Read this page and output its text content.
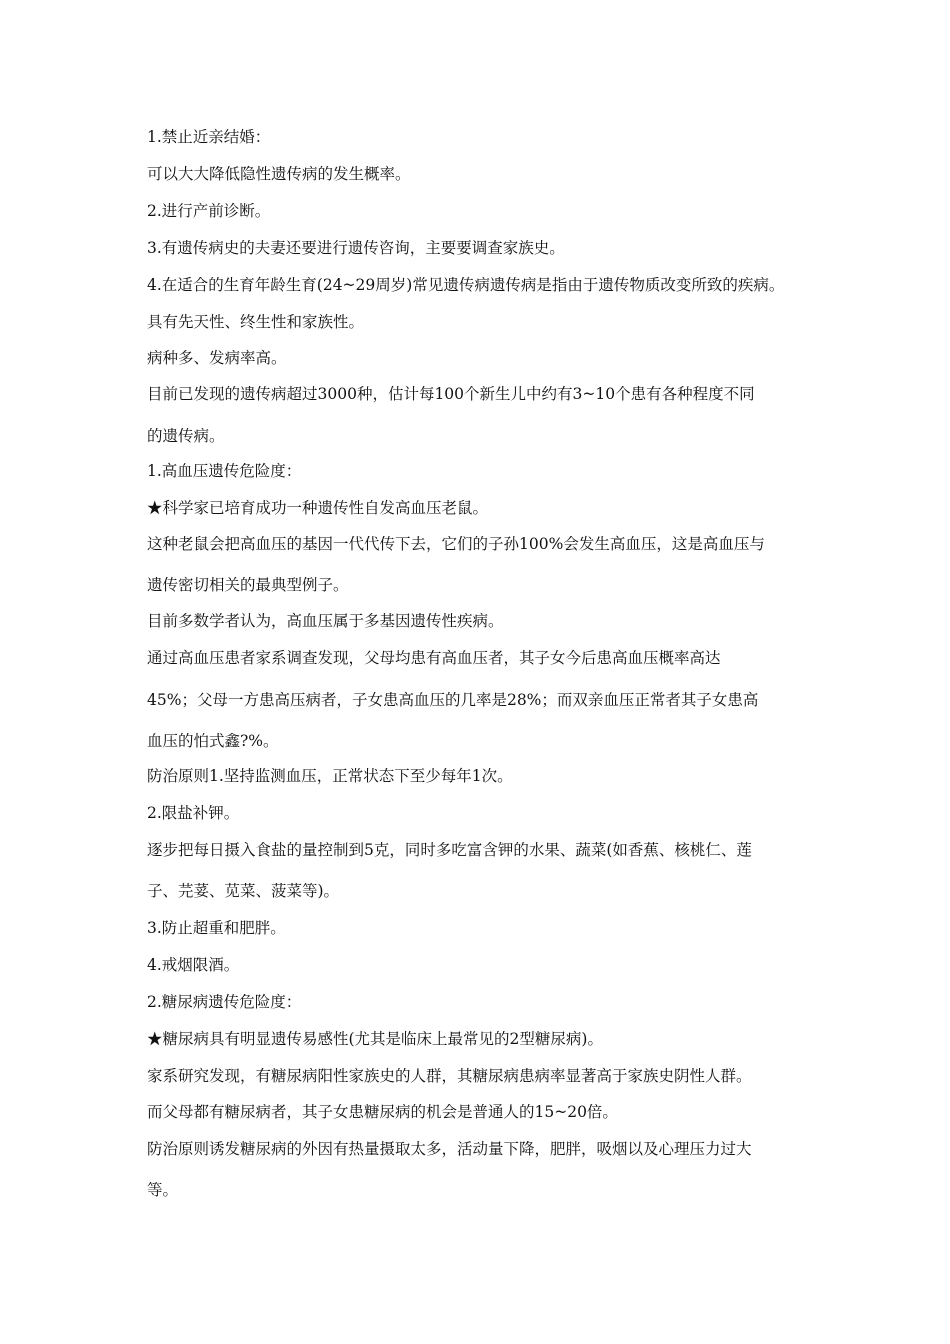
1.禁止近亲结婚：
可以大大降低隐性遗传病的发生概率。
2.进行产前诊断。
3.有遗传病史的夫妻还要进行遗传咨询，主要要调查家族史。
4.在适合的生育年龄生育(24~29周岁)常见遗传病遗传病是指由于遗传物质改变所致的疾病。
具有先天性、终生性和家族性。
病种多、发病率高。
目前已发现的遗传病超过3000种，估计每100个新生儿中约有3~10个患有各种程度不同
的遗传病。
1.高血压遗传危险度：
★科学家已培育成功一种遗传性自发高血压老鼠。
这种老鼠会把高血压的基因一代代传下去，它们的子孙100%会发生高血压，这是高血压与
遗传密切相关的最典型例子。
目前多数学者认为，高血压属于多基因遗传性疾病。
通过高血压患者家系调查发现，父母均患有高血压者，其子女今后患高血压概率高达
45%；父母一方患高压病者，子女患高血压的几率是28%；而双亲血压正常者其子女患高
血压的怕式鑫?%。
防治原则1.坚持监测血压，正常状态下至少每年1次。
2.限盐补钾。
逐步把每日摄入食盐的量控制到5克，同时多吃富含钾的水果、蔬菜(如香蕉、核桃仁、莲
子、芫荽、苋菜、菠菜等)。
3.防止超重和肥胖。
4.戒烟限酒。
2.糖尿病遗传危险度：
★糖尿病具有明显遗传易感性(尤其是临床上最常见的2型糖尿病)。
家系研究发现，有糖尿病阳性家族史的人群，其糖尿病患病率显著高于家族史阴性人群。
而父母都有糖尿病者，其子女患糖尿病的机会是普通人的15~20倍。
防治原则诱发糖尿病的外因有热量摄取太多，活动量下降，肥胖，吸烟以及心理压力过大
等。
